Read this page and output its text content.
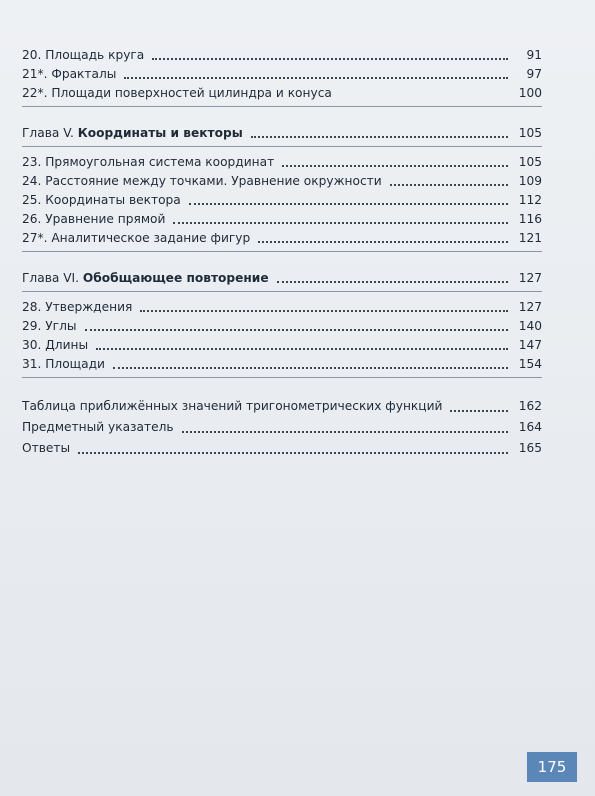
20. Площадь круга	91
21*. Фракталы	97
22*. Площади поверхностей цилиндра и конуса	100
Глава V. Координаты и векторы	105
23. Прямоугольная система координат	105
24. Расстояние между точками. Уравнение окружности	109
25. Координаты вектора	112
26. Уравнение прямой	116
27*. Аналитическое задание фигур	121
Глава VI. Обобщающее повторение	127
28. Утверждения	127
29. Углы	140
30. Длины	147
31. Площади	154
Таблица приближённых значений тригонометрических функций	162
Предметный указатель	164
Ответы	165
175
